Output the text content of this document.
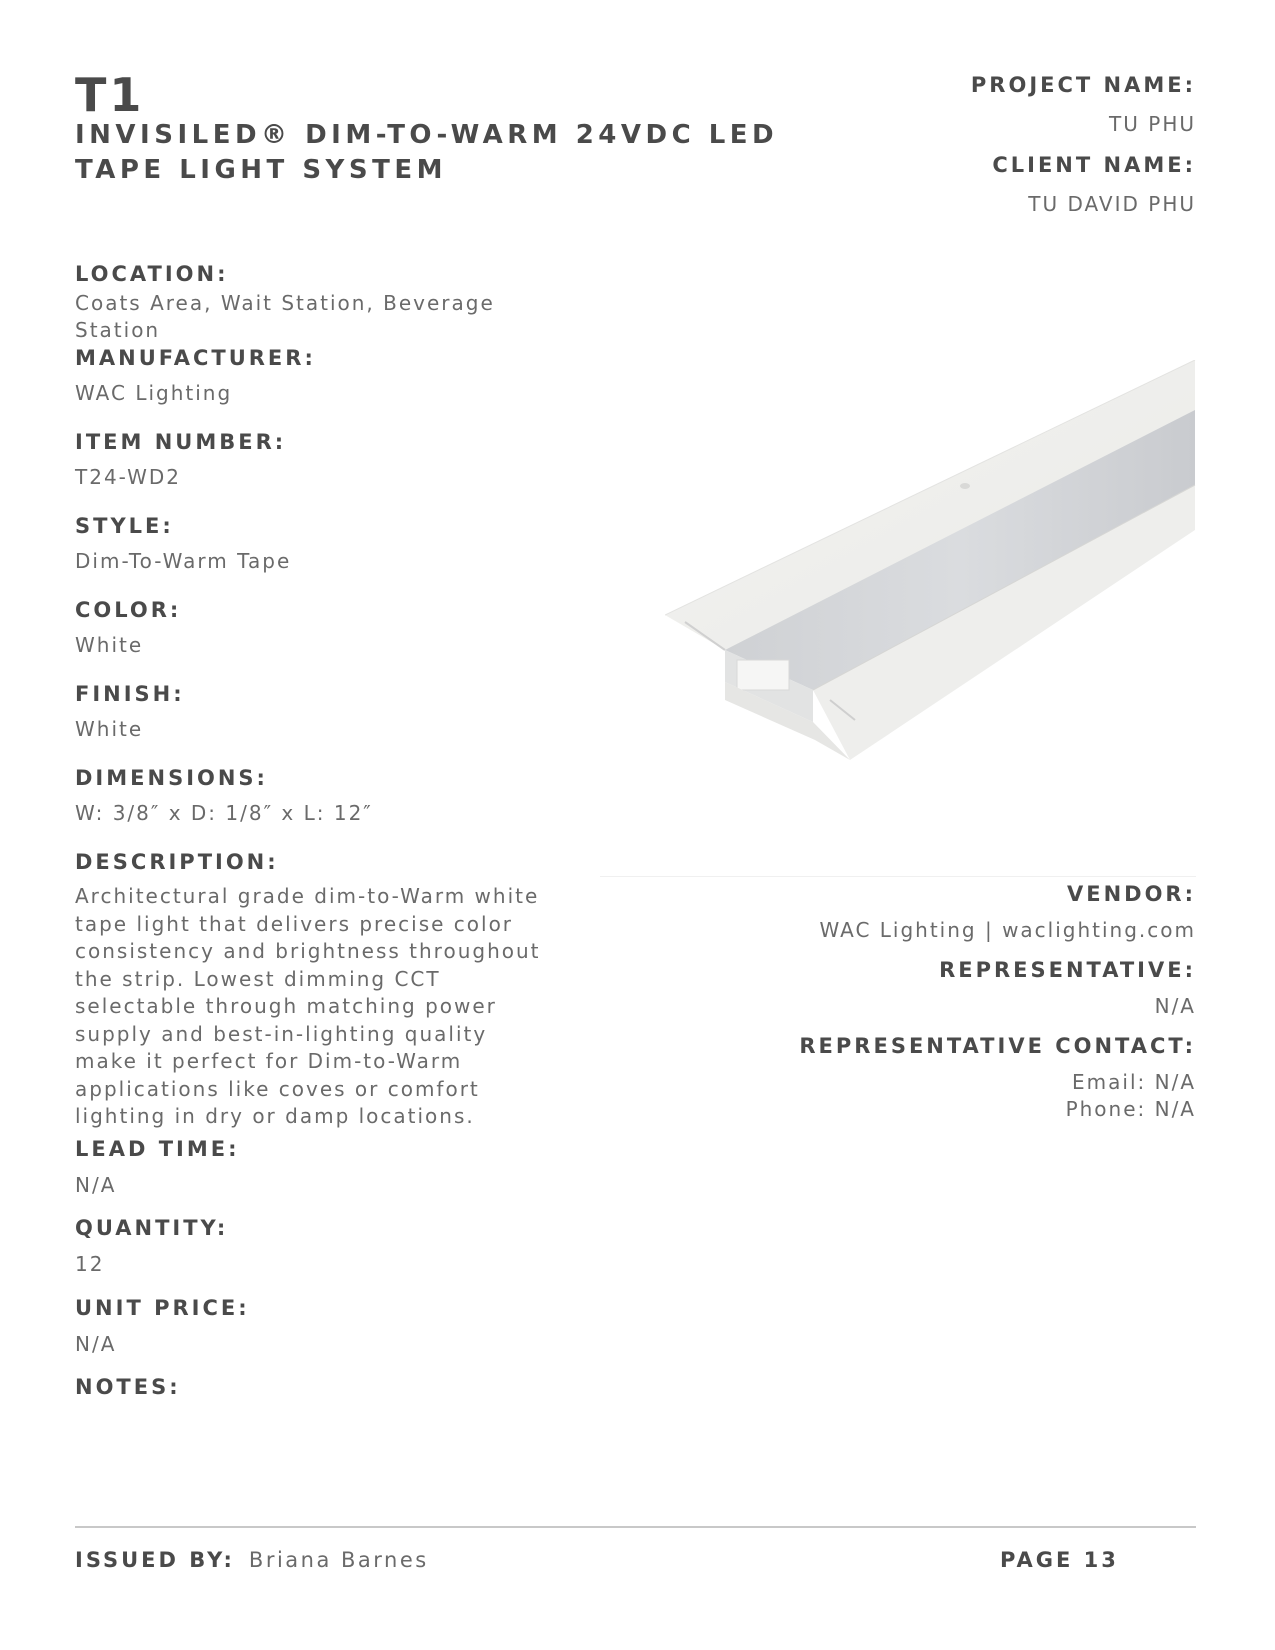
T1
INVISILED® DIM-TO-WARM 24VDC LED TAPE LIGHT SYSTEM
PROJECT NAME:
TU PHU
CLIENT NAME:
TU DAVID PHU
LOCATION:
Coats Area, Wait Station, Beverage Station
MANUFACTURER:
WAC Lighting
ITEM NUMBER:
T24-WD2
STYLE:
Dim-To-Warm Tape
COLOR:
White
FINISH:
White
DIMENSIONS:
W: 3/8″ x D: 1/8″ x L: 12″
DESCRIPTION:
Architectural grade dim-to-Warm white tape light that delivers precise color consistency and brightness throughout the strip. Lowest dimming CCT selectable through matching power supply and best-in-lighting quality make it perfect for Dim-to-Warm applications like coves or comfort lighting in dry or damp locations.
LEAD TIME:
N/A
QUANTITY:
12
UNIT PRICE:
N/A
NOTES:
VENDOR:
WAC Lighting | waclighting.com
REPRESENTATIVE:
N/A
REPRESENTATIVE CONTACT:
Email: N/A
Phone: N/A
ISSUED BY: Briana Barnes	PAGE 13
